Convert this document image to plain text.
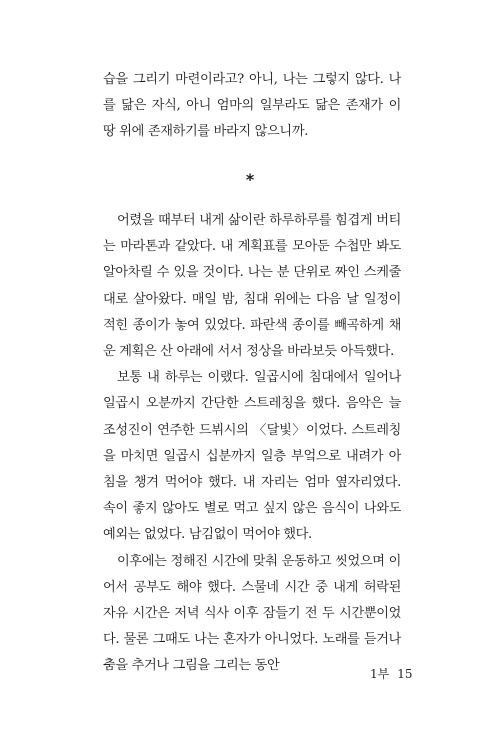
습을 그리기 마련이라고? 아니, 나는 그렇지 않다. 나를 닮은 자식, 아니 엄마의 일부라도 닮은 존재가 이 땅 위에 존재하기를 바라지 않으니까.

*

어렸을 때부터 내게 삶이란 하루하루를 힘겹게 버티는 마라톤과 같았다. 내 계획표를 모아둔 수첩만 봐도 알아차릴 수 있을 것이다. 나는 분 단위로 짜인 스케줄대로 살아왔다. 매일 밤, 침대 위에는 다음 날 일정이 적힌 종이가 놓여 있었다. 파란색 종이를 빼곡하게 채운 계획은 산 아래에 서서 정상을 바라보듯 아득했다.

보통 내 하루는 이랬다. 일곱시에 침대에서 일어나 일곱시 오분까지 간단한 스트레칭을 했다. 음악은 늘 조성진이 연주한 드뷔시의 〈달빛〉이었다. 스트레칭을 마치면 일곱시 십분까지 일층 부엌으로 내려가 아침을 챙겨 먹어야 했다. 내 자리는 엄마 옆자리였다. 속이 좋지 않아도 별로 먹고 싶지 않은 음식이 나와도 예외는 없었다. 남김없이 먹어야 했다.

이후에는 정해진 시간에 맞춰 운동하고 씻었으며 이어서 공부도 해야 했다. 스물네 시간 중 내게 허락된 자유 시간은 저녁 식사 이후 잠들기 전 두 시간뿐이었다. 물론 그때도 나는 혼자가 아니었다. 노래를 듣거나 춤을 추거나 그림을 그리는 동안

1부 15
